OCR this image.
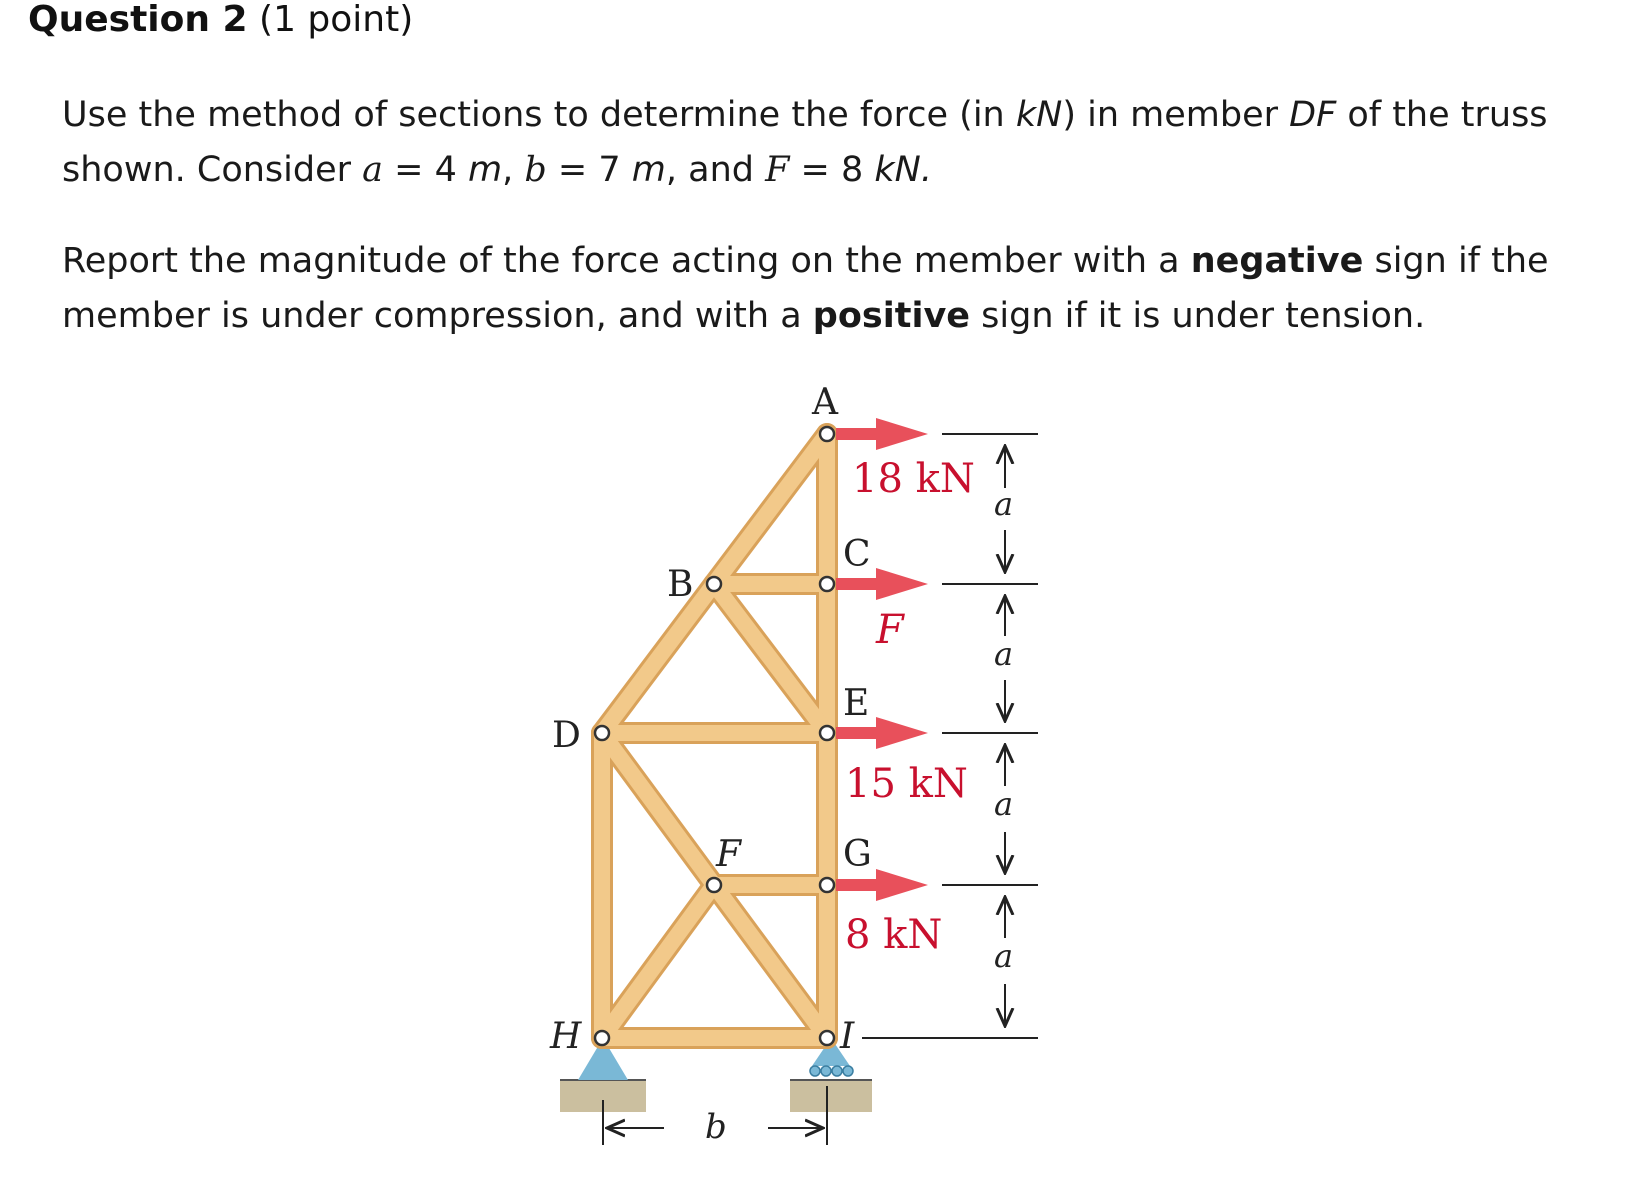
Question 2 (1 point)
Use the method of sections to determine the force (in kN) in member DF of the truss
shown. Consider a = 4 m, b = 7 m, and F = 8 kN.
Report the magnitude of the force acting on the member with a negative sign if the member is under compression, and with a positive sign if it is under tension.
A
B
C
D
E
F	G
H	I
18 kN
F
15 kN
8 kN
a
a
a
a
b
